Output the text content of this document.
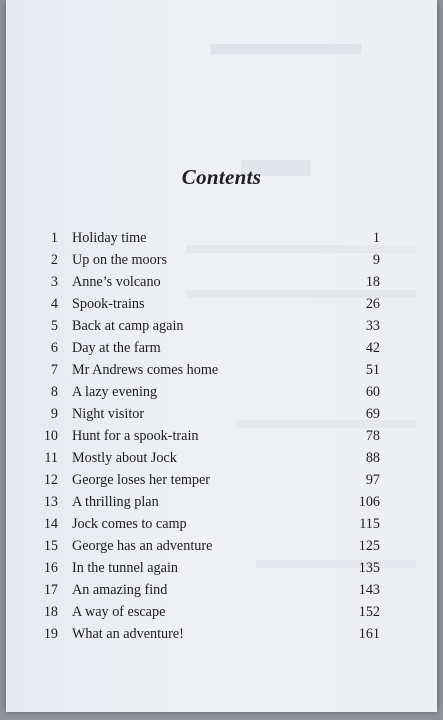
Contents
1 Holiday time	1
2 Up on the moors	9
3 Anne’s volcano	18
4 Spook-trains	26
5 Back at camp again	33
6 Day at the farm	42
7 Mr Andrews comes home	51
8 A lazy evening	60
9 Night visitor	69
10 Hunt for a spook-train	78
11 Mostly about Jock	88
12 George loses her temper	97
13 A thrilling plan	106
14 Jock comes to camp	115
15 George has an adventure	125
16 In the tunnel again	135
17 An amazing find	143
18 A way of escape	152
19 What an adventure!	161
